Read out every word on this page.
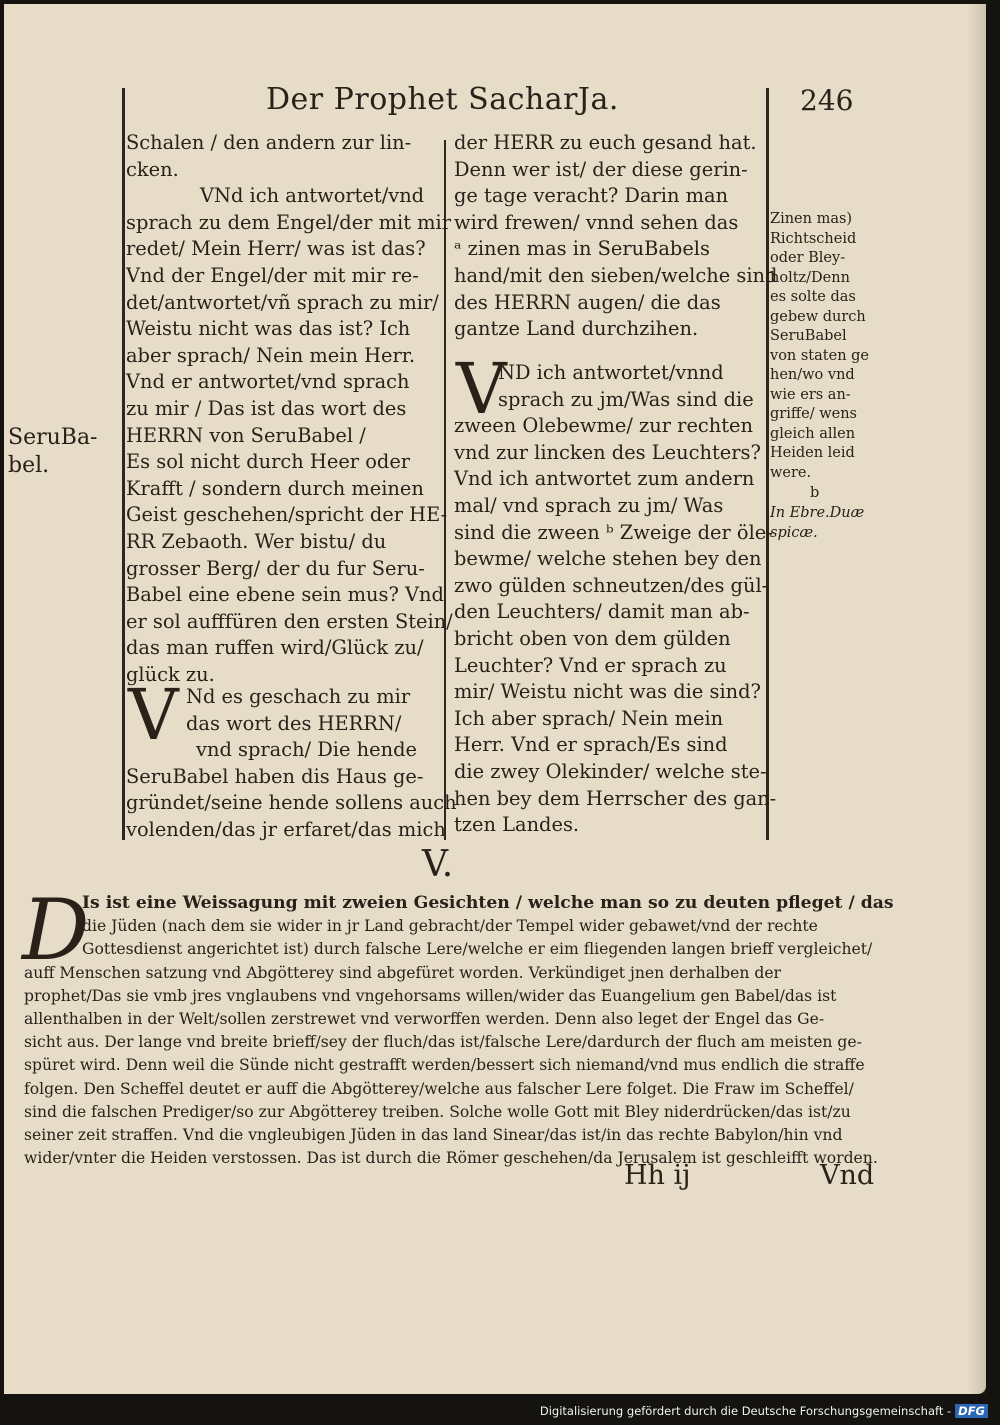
Der Prophet SacharJa.	246
Schalen / den andern zur lin-
cken.
VNd ich antwortet/vnd
sprach zu dem Engel/der mit mir
redet/ Mein Herr/ was ist das?
Vnd der Engel/der mit mir re-
det/antwortet/vñ sprach zu mir/
Weistu nicht was das ist? Ich
aber sprach/ Nein mein Herr.
Vnd er antwortet/vnd sprach
zu mir / Das ist das wort des
HERRN von SeruBabel /
Es sol nicht durch Heer oder
Krafft / sondern durch meinen
Geist geschehen/spricht der HE-
RR Zebaoth. Wer bistu/ du
grosser Berg/ der du fur Seru-
Babel eine ebene sein mus? Vnd
er sol aufffüren den ersten Stein/
das man ruffen wird/Glück zu/
glück zu.
V Nd es geschach zu mir
das wort des HERRN/
vnd sprach/ Die hende
SeruBabel haben dis Haus ge-
gründet/seine hende sollens auch
volenden/das jr erfaret/das mich
der HERR zu euch gesand hat.
Denn wer ist/ der diese gerin-
ge tage veracht? Darin man
wird frewen/ vnnd sehen das
ᵃ zinen mas in SeruBabels
hand/mit den sieben/welche sind
des HERRN augen/ die das
gantze Land durchzihen.
V
ND ich antwortet/vnnd
sprach zu jm/Was sind die
zween Olebewme/ zur rechten
vnd zur lincken des Leuchters?
Vnd ich antwortet zum andern
mal/ vnd sprach zu jm/ Was
sind die zween ᵇ Zweige der öle-
bewme/ welche stehen bey den
zwo gülden schneutzen/des gül-
den Leuchters/ damit man ab-
bricht oben von dem gülden
Leuchter? Vnd er sprach zu
mir/ Weistu nicht was die sind?
Ich aber sprach/ Nein mein
Herr. Vnd er sprach/Es sind
die zwey Olekinder/ welche ste-
hen bey dem Herrscher des gan-
tzen Landes.
Zinen mas)
Richtscheid
oder Bley-
holtz/Denn
es solte das
gebew durch
SeruBabel
von staten ge
hen/wo vnd
wie ers an-
griffe/ wens
gleich allen
Heiden leid
were.
b
In Ebre.Duæ
spicæ.
SeruBa-
bel.
V.
D
Is ist eine Weissagung mit zweien Gesichten / welche man so zu deuten pfleget / das
die Jüden (nach dem sie wider in jr Land gebracht/der Tempel wider gebawet/vnd der rechte
Gottesdienst angerichtet ist) durch falsche Lere/welche er eim fliegenden langen brieff vergleichet/
auff Menschen satzung vnd Abgötterey sind abgefüret worden. Verkündiget jnen derhalben der
prophet/Das sie vmb jres vnglaubens vnd vngehorsams willen/wider das Euangelium gen Babel/das ist
allenthalben in der Welt/sollen zerstrewet vnd verworffen werden. Denn also leget der Engel das Ge-
sicht aus. Der lange vnd breite brieff/sey der fluch/das ist/falsche Lere/dardurch der fluch am meisten ge-
spüret wird. Denn weil die Sünde nicht gestrafft werden/bessert sich niemand/vnd mus endlich die straffe
folgen. Den Scheffel deutet er auff die Abgötterey/welche aus falscher Lere folget. Die Fraw im Scheffel/
sind die falschen Prediger/so zur Abgötterey treiben. Solche wolle Gott mit Bley niderdrücken/das ist/zu
seiner zeit straffen. Vnd die vngleubigen Jüden in das land Sinear/das ist/in das rechte Babylon/hin vnd
wider/vnter die Heiden verstossen. Das ist durch die Römer geschehen/da Jerusalem ist geschleifft worden.
Hh ij	Vnd
Digitalisierung gefördert durch die Deutsche Forschungsgemeinschaft - DFG
